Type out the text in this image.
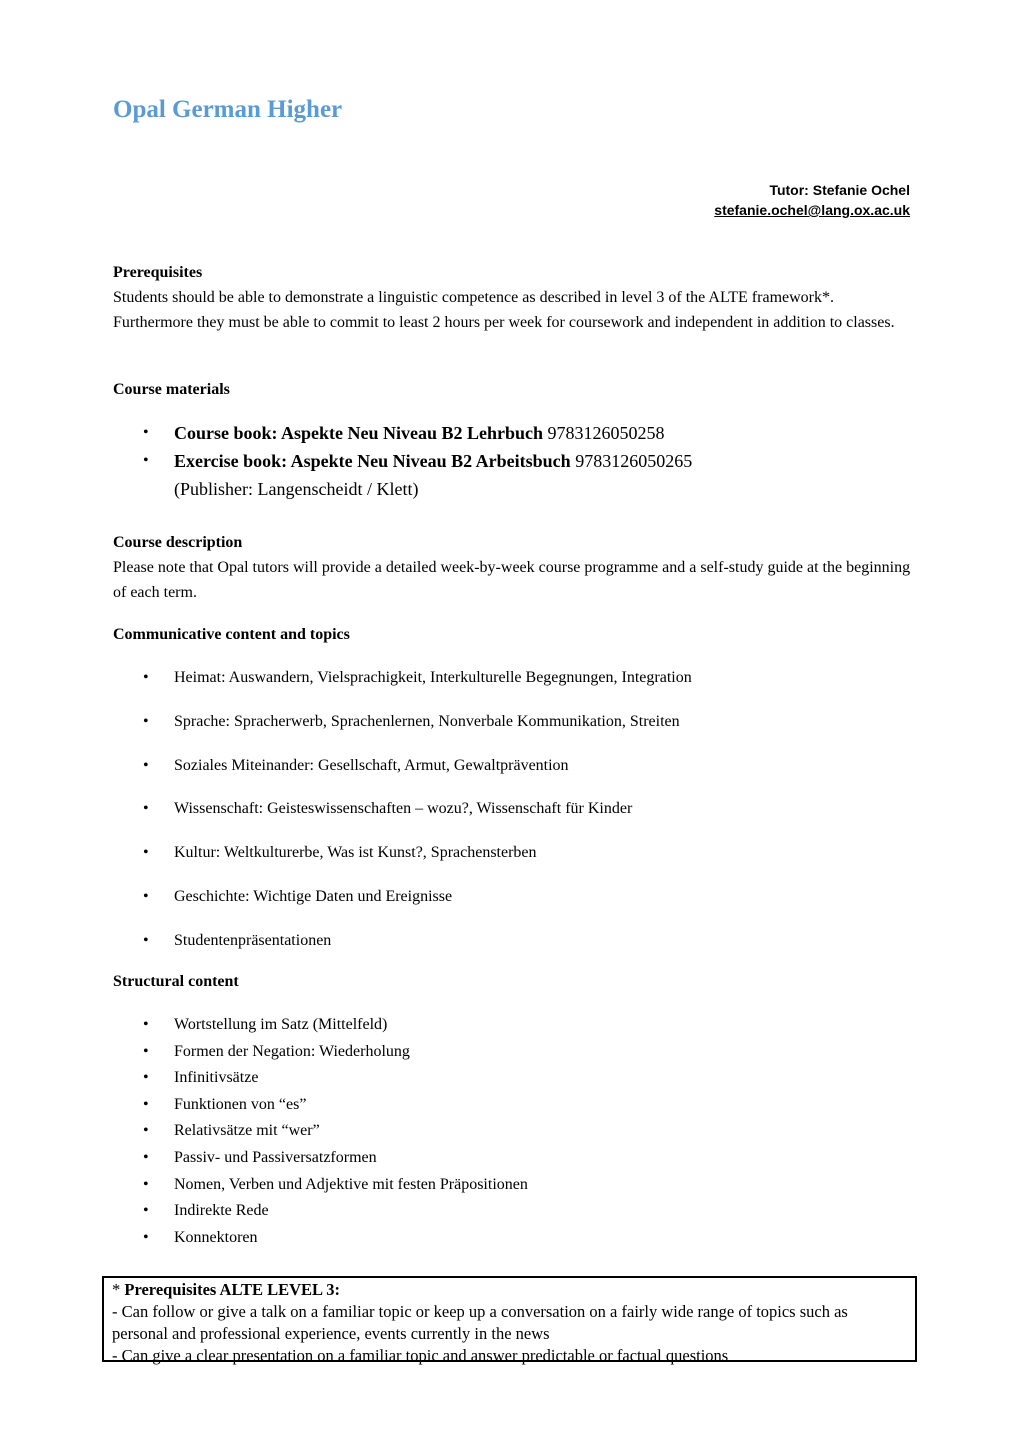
Opal German Higher
Tutor: Stefanie Ochel
stefanie.ochel@lang.ox.ac.uk
Prerequisites

Students should be able to demonstrate a linguistic competence as described in level 3 of the ALTE framework*. Furthermore they must be able to commit to least 2 hours per week for coursework and independent in addition to classes.

Course materials
• Course book: Aspekte Neu Niveau B2 Lehrbuch 9783126050258
• Exercise book: Aspekte Neu Niveau B2 Arbeitsbuch 9783126050265
(Publisher: Langenscheidt / Klett)
Course description

Please note that Opal tutors will provide a detailed week-by-week course programme and a self-study guide at the beginning of each term.

Communicative content and topics
• Heimat: Auswandern, Vielsprachigkeit, Interkulturelle Begegnungen, Integration
• Sprache: Spracherwerb, Sprachenlernen, Nonverbale Kommunikation, Streiten
• Soziales Miteinander: Gesellschaft, Armut, Gewaltprävention
• Wissenschaft: Geisteswissenschaften – wozu?, Wissenschaft für Kinder
• Kultur: Weltkulturerbe, Was ist Kunst?, Sprachensterben
• Geschichte: Wichtige Daten und Ereignisse
• Studentenpräsentationen
Structural content
• Wortstellung im Satz (Mittelfeld)
• Formen der Negation: Wiederholung
• Infinitivsätze
• Funktionen von “es”
• Relativsätze mit “wer”
• Passiv- und Passiversatzformen
• Nomen, Verben und Adjektive mit festen Präpositionen
• Indirekte Rede
• Konnektoren
* Prerequisites ALTE LEVEL 3:
- Can follow or give a talk on a familiar topic or keep up a conversation on a fairly wide range of topics such as personal and professional experience, events currently in the news
- Can give a clear presentation on a familiar topic and answer predictable or factual questions
